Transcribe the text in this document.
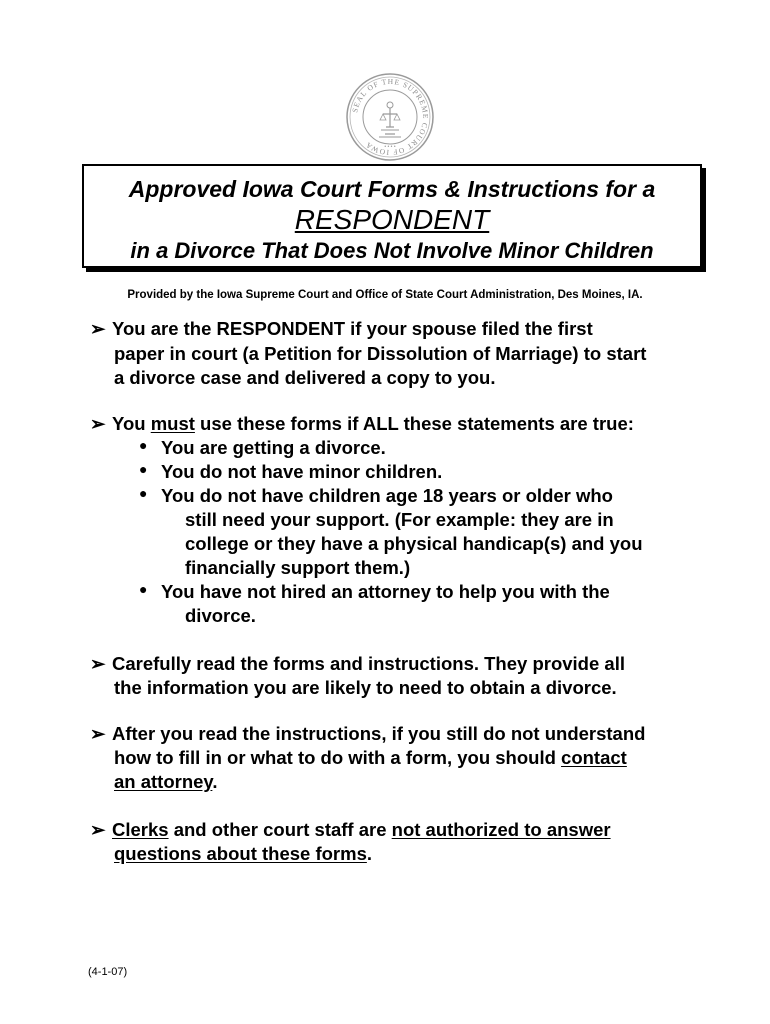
SEAL OF THE SUPREME COURT OF IOWA	• • • •
Approved Iowa Court Forms & Instructions for a
RESPONDENT
in a Divorce That Does Not Involve Minor Children
Provided by the Iowa Supreme Court and Office of State Court Administration, Des Moines, IA.
➢ You are the RESPONDENT if your spouse filed the first
paper in court (a Petition for Dissolution of Marriage) to start
a divorce case and delivered a copy to you.
➢ You must use these forms if ALL these statements are true:
● You are getting a divorce.
● You do not have minor children.
● You do not have children age 18 years or older who
still need your support. (For example: they are in
college or they have a physical handicap(s) and you
financially support them.)
● You have not hired an attorney to help you with the
divorce.
➢ Carefully read the forms and instructions. They provide all
the information you are likely to need to obtain a divorce.
➢ After you read the instructions, if you still do not understand
how to fill in or what to do with a form, you should contact
an attorney.
➢ Clerks and other court staff are not authorized to answer
questions about these forms.
(4-1-07)
